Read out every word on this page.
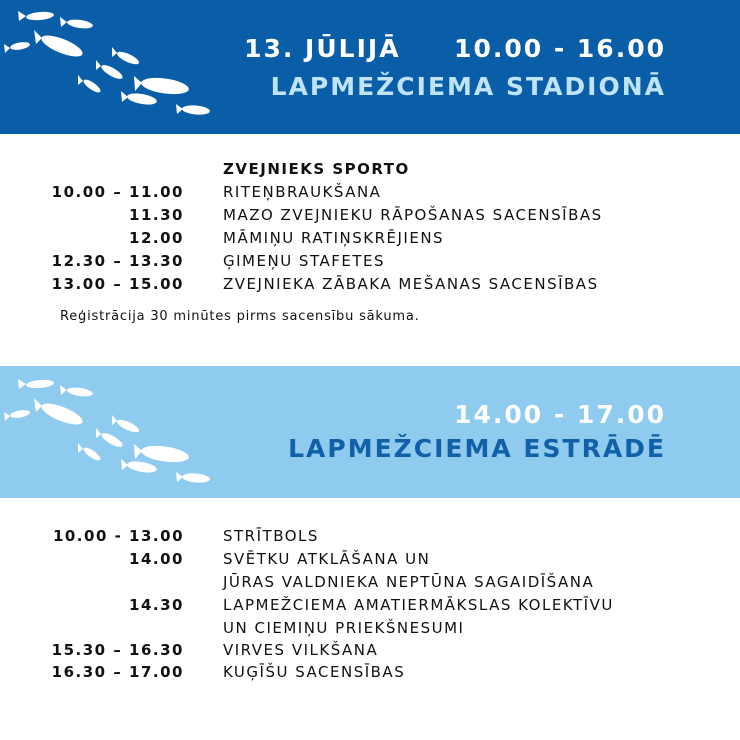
13. JŪLIJĀ     10.00 - 16.00
LAPMEŽCIEMA STADIONĀ
ZVEJNIEKS SPORTO
10.00 – 11.00	RITEŅBRAUKŠANA
11.30	MAZO ZVEJNIEKU RĀPOŠANAS SACENSĪBAS
12.00	MĀMIŅU RATIŅSKRĒJIENS
12.30 – 13.30	ĢIMEŅU STAFETES
13.00 – 15.00	ZVEJNIEKA ZĀBAKA MEŠANAS SACENSĪBAS
Reģistrācija 30 minūtes pirms sacensību sākuma.
14.00 - 17.00
LAPMEŽCIEMA ESTRĀDĒ
10.00 - 13.00	STRĪTBOLS
14.00	SVĒTKU ATKLĀŠANA UN
JŪRAS VALDNIEKA NEPTŪNA SAGAIDĪŠANA
14.30	LAPMEŽCIEMA AMATIERMĀKSLAS KOLEKTĪVU
UN CIEMIŅU PRIEKŠNESUMI
15.30 – 16.30	VIRVES VILKŠANA
16.30 – 17.00	KUĢĪŠU SACENSĪBAS
